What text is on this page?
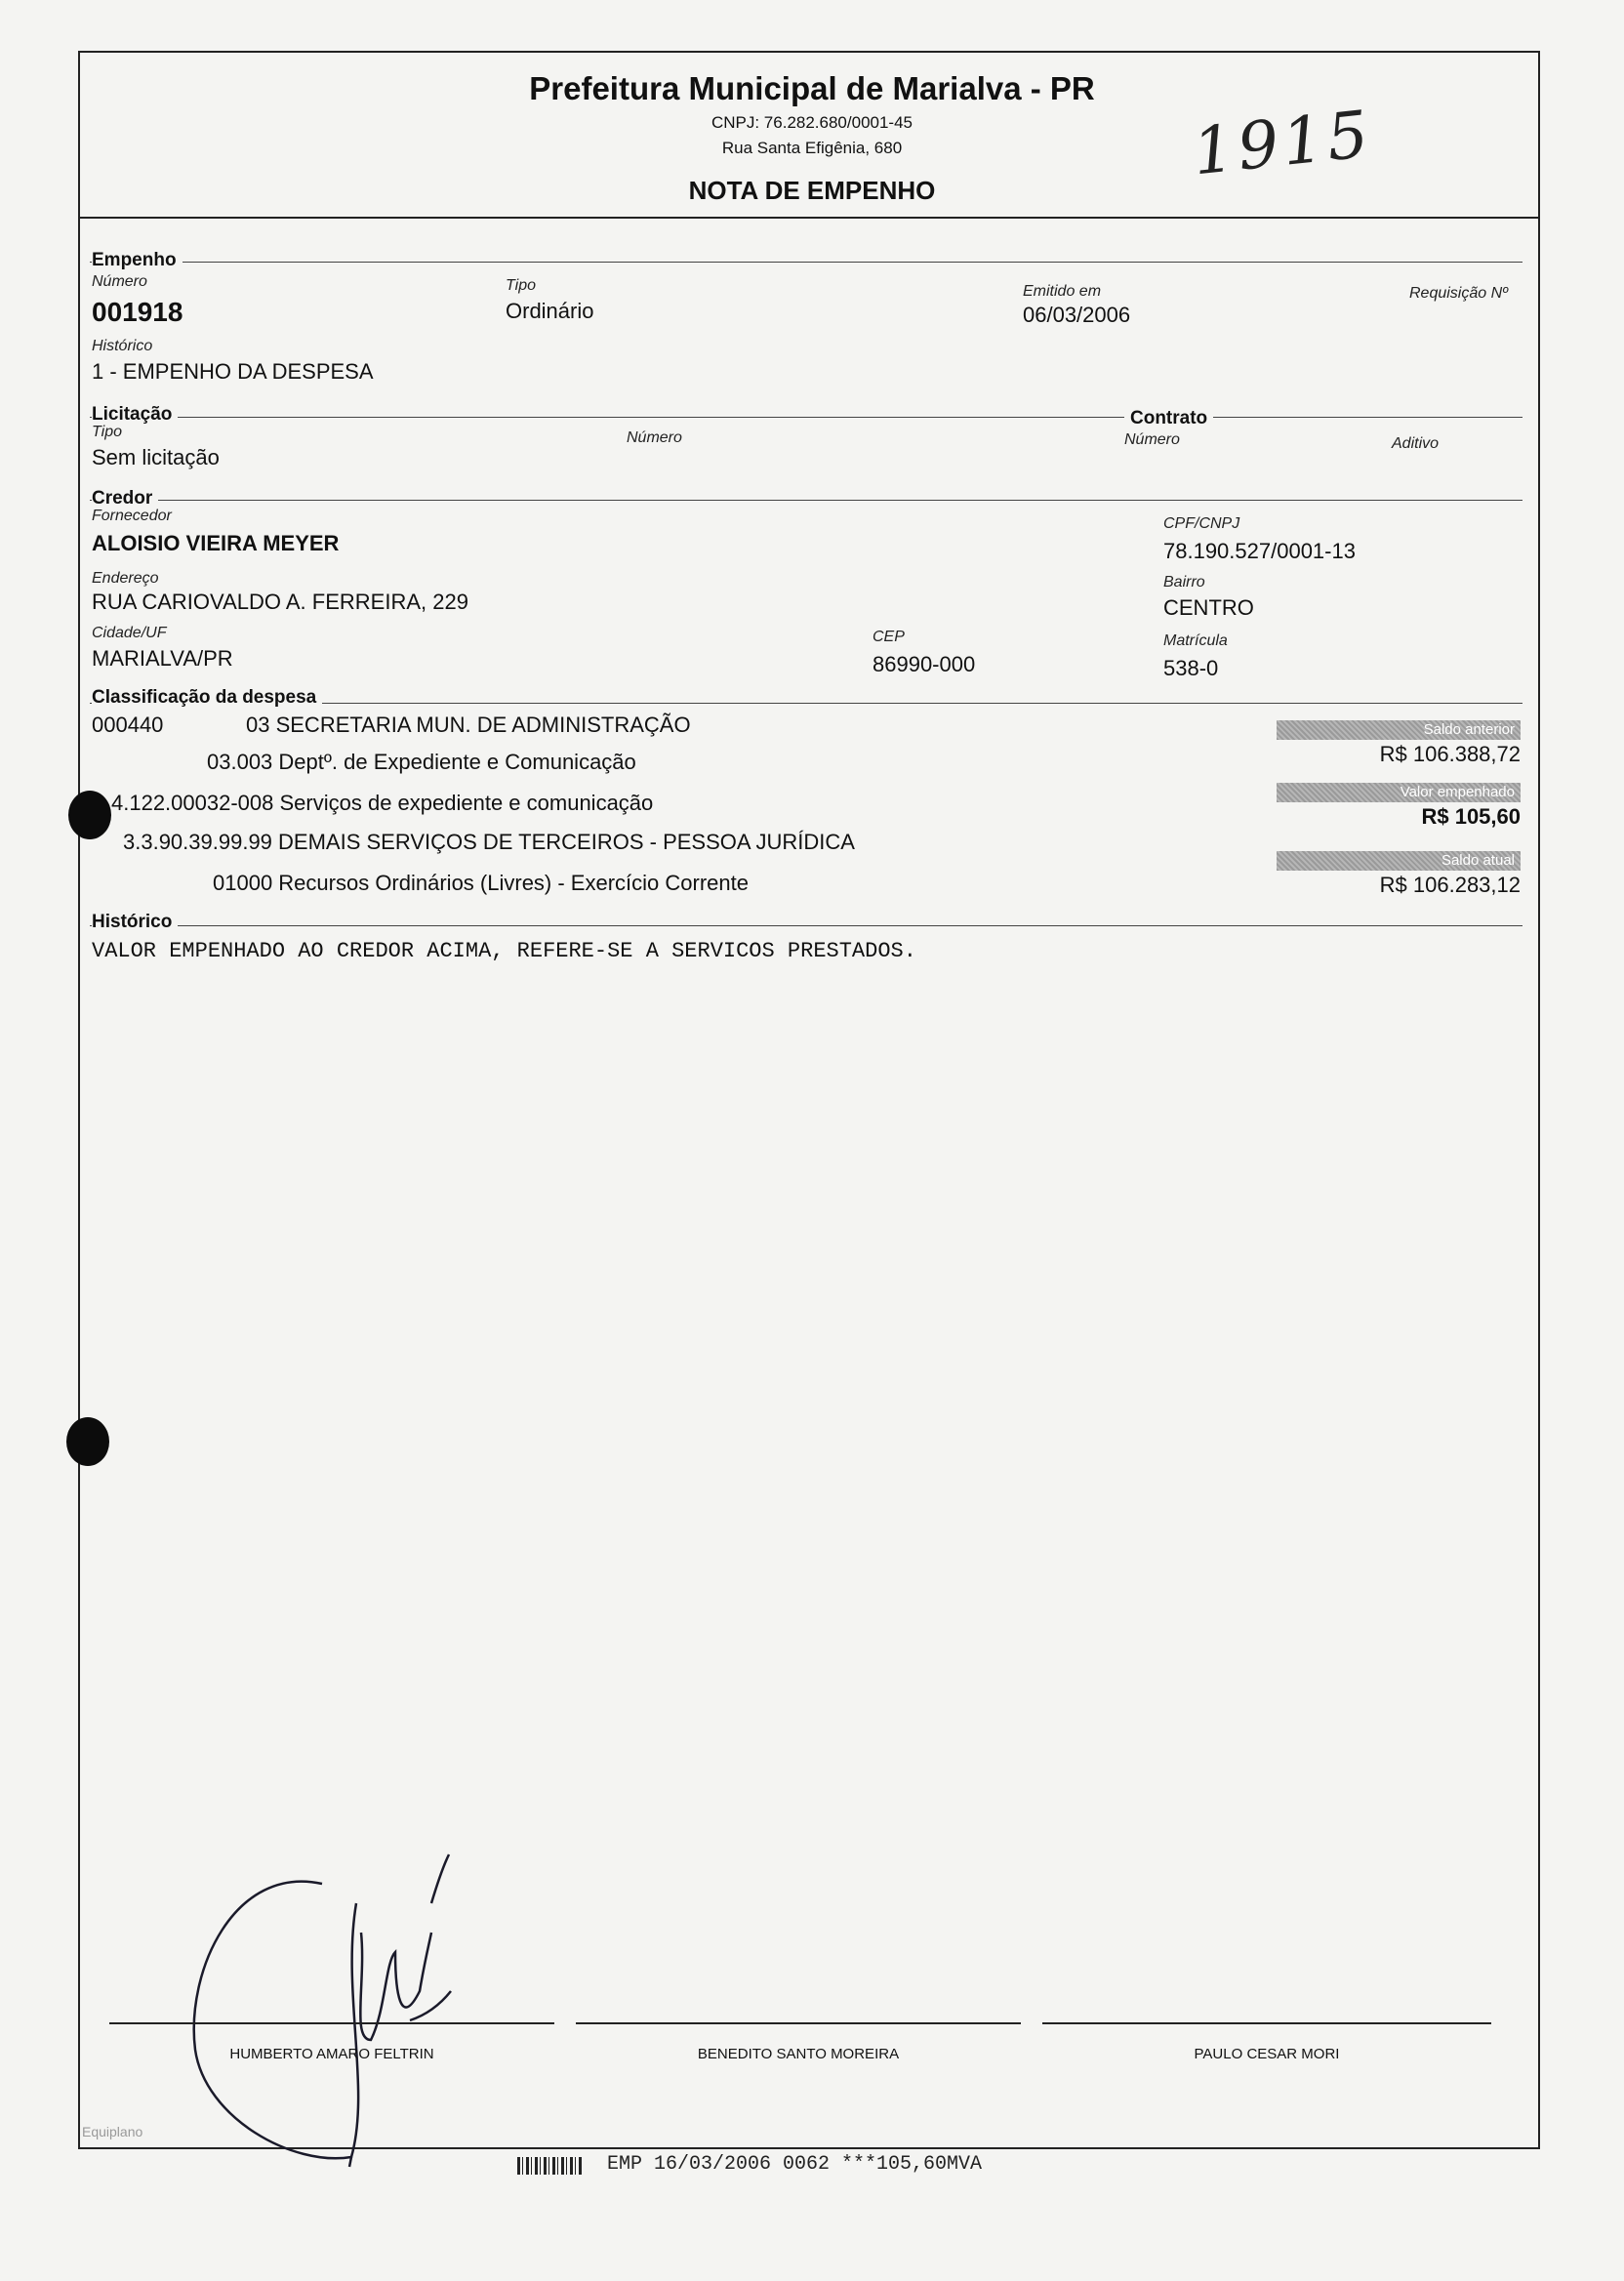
Prefeitura Municipal de Marialva - PR
CNPJ: 76.282.680/0001-45
Rua Santa Efigênia, 680
NOTA DE EMPENHO
1915
Empenho
Número
001918
Tipo
Ordinário
Emitido em
06/03/2006
Requisição Nº
Histórico
1 - EMPENHO DA DESPESA
Licitação
Tipo
Sem licitação
Número
Contrato
Número	Aditivo
Credor
Fornecedor
ALOISIO VIEIRA MEYER
CPF/CNPJ
78.190.527/0001-13
Endereço
RUA CARIOVALDO A. FERREIRA, 229
Bairro
CENTRO
Cidade/UF
MARIALVA/PR
CEP
86990-000
Matrícula
538-0
Classificação da despesa
000440	03 SECRETARIA MUN. DE ADMINISTRAÇÃO
03.003 Deptº. de Expediente e Comunicação
4.122.00032-008 Serviços de expediente e comunicação
3.3.90.39.99.99 DEMAIS SERVIÇOS DE TERCEIROS - PESSOA JURÍDICA
01000 Recursos Ordinários (Livres) - Exercício Corrente
Saldo anterior
R$ 106.388,72
Valor empenhado
R$ 105,60
Saldo atual
R$ 106.283,12
Histórico
VALOR EMPENHADO AO CREDOR ACIMA, REFERE-SE A SERVICOS PRESTADOS.
HUMBERTO AMARO FELTRIN	BENEDITO SANTO MOREIRA	PAULO CESAR MORI
Equiplano
EMP 16/03/2006 0062 ***105,60MVA
